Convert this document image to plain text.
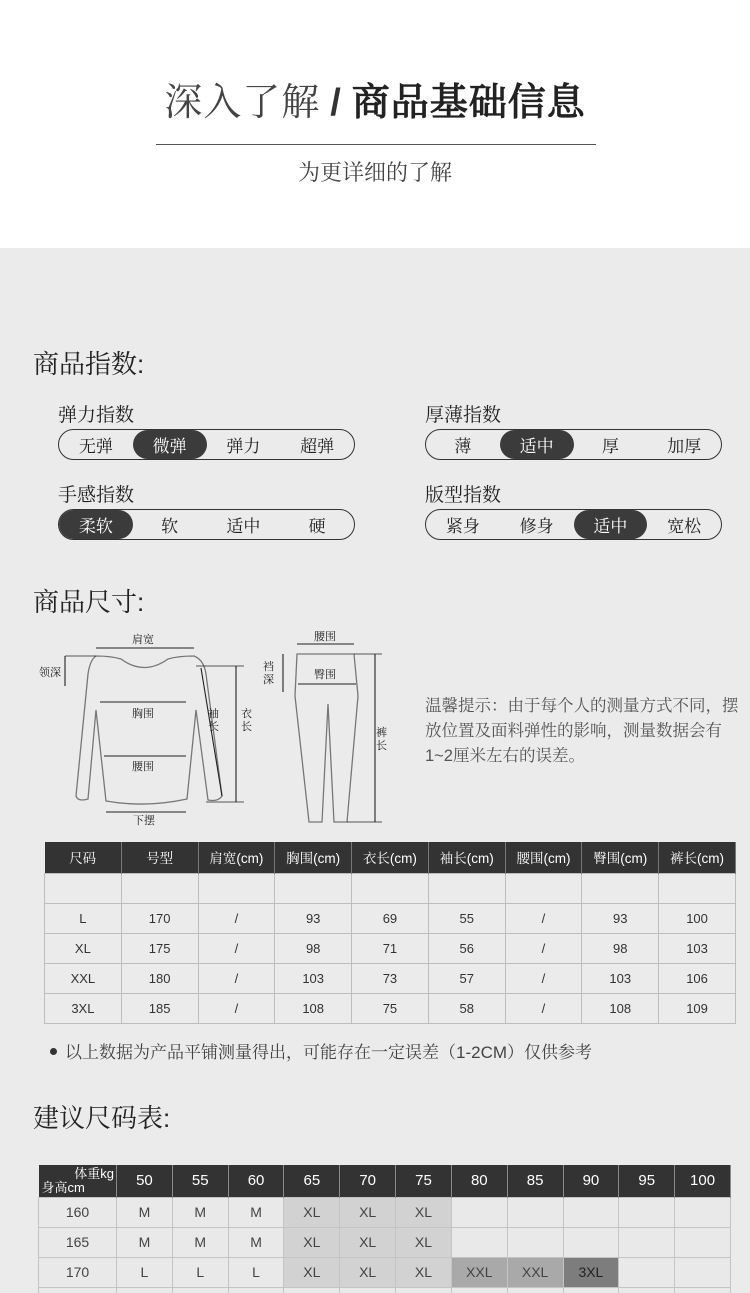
深入了解 / 商品基础信息
为更详细的了解
商品指数:
弹力指数
无弹	微弹	弹力	超弹
厚薄指数
薄	适中	厚	加厚
手感指数
柔软	软	适中	硬
版型指数
紧身	修身	适中	宽松
商品尺寸:
肩宽
领深
胸围
腰围
下摆
袖
长
衣
长
腰围
裆
深	臀围
裤
长
温馨提示：由于每个人的测量方式不同，摆放位置及面料弹性的影响，测量数据会有1~2厘米左右的误差。
尺码	号型	肩宽(cm)	胸围(cm)	衣长(cm)	袖长(cm)	腰围(cm)	臀围(cm)	裤长(cm)

L	170	/	93	69	55	/	93	100
XL	175	/	98	71	56	/	98	103
XXL	180	/	103	73	57	/	103	106
3XL	185	/	108	75	58	/	108	109
以上数据为产品平铺测量得出，可能存在一定误差（1-2CM）仅供参考
建议尺码表:
体重kg
身高cm	50	55	60	65	70	75	80	85	90	95	100
160	M	M	M	XL	XL	XL					
165	M	M	M	XL	XL	XL					
170	L	L	L	XL	XL	XL	XXL	XXL	3XL		
